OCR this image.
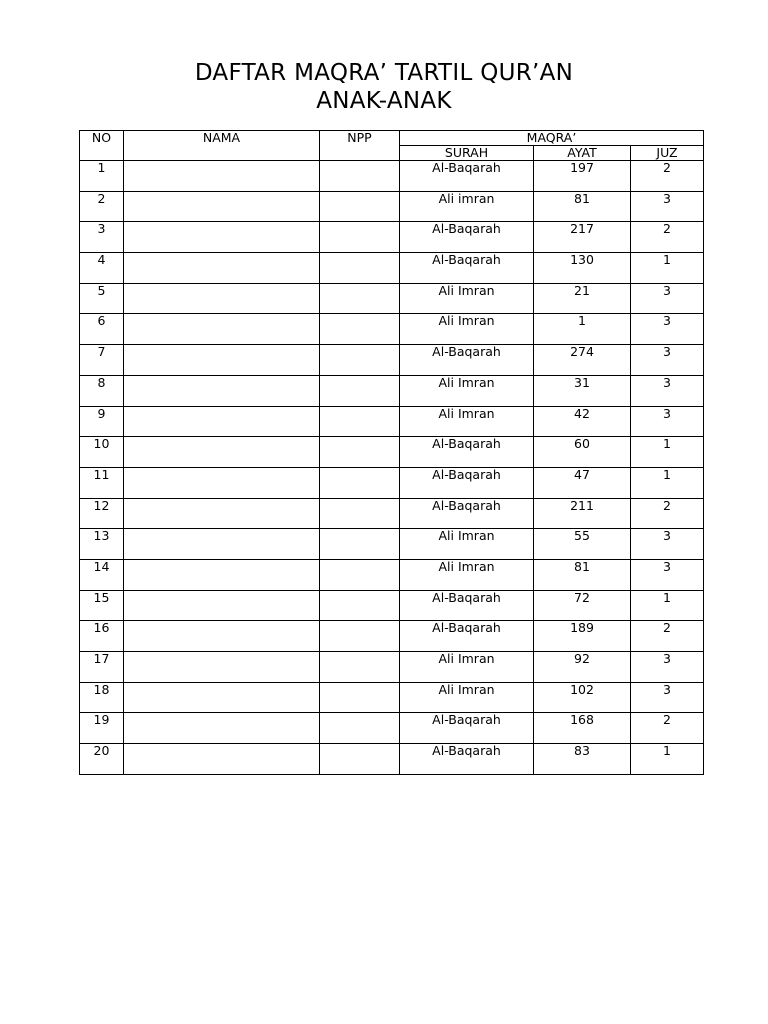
DAFTAR MAQRA’ TARTIL QUR’AN
ANAK-ANAK
NO	NAMA	NPP	MAQRA’		
			SURAH	AYAT	JUZ
1			Al-Baqarah	197	2
2			Ali imran	81	3
3			Al-Baqarah	217	2
4			Al-Baqarah	130	1
5			Ali Imran	21	3
6			Ali Imran	1	3
7			Al-Baqarah	274	3
8			Ali Imran	31	3
9			Ali Imran	42	3
10			Al-Baqarah	60	1
11			Al-Baqarah	47	1
12			Al-Baqarah	211	2
13			Ali Imran	55	3
14			Ali Imran	81	3
15			Al-Baqarah	72	1
16			Al-Baqarah	189	2
17			Ali Imran	92	3
18			Ali Imran	102	3
19			Al-Baqarah	168	2
20			Al-Baqarah	83	1
